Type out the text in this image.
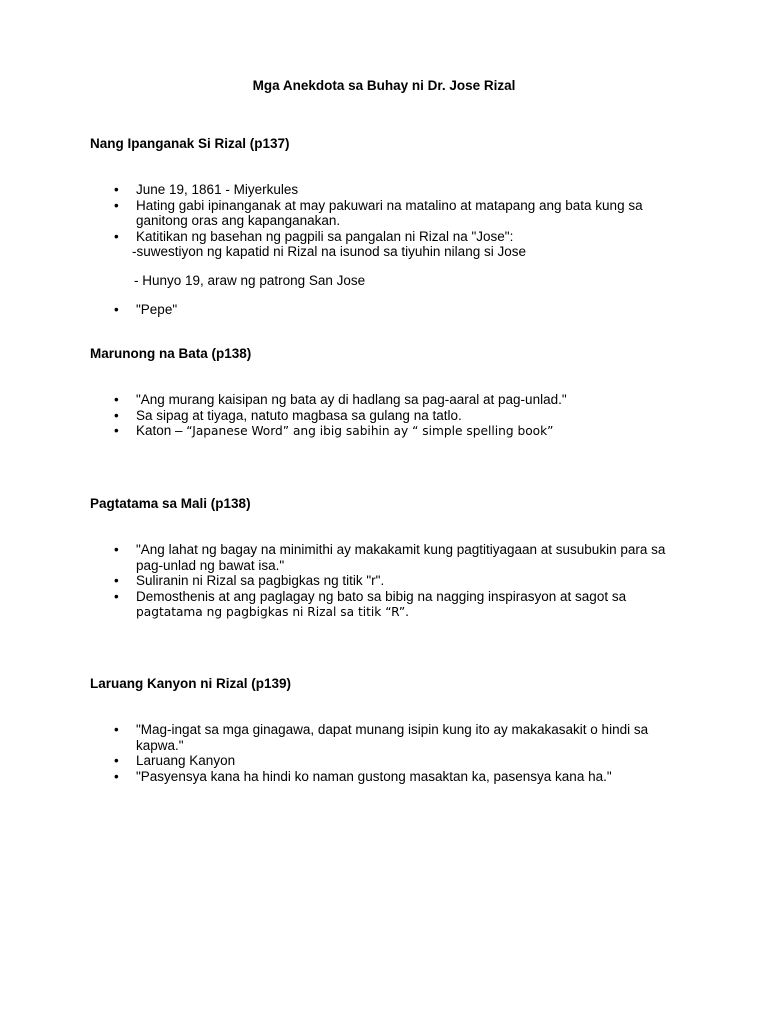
Mga Anekdota sa Buhay ni Dr. Jose Rizal
Nang Ipanganak Si Rizal (p137)
• June 19, 1861 - Miyerkules
• Hating gabi ipinanganak at may pakuwari na matalino at matapang ang bata kung sa ganitong oras ang kapanganakan.
• Katitikan ng basehan ng pagpili sa pangalan ni Rizal na "Jose":

-suwestiyon ng kapatid ni Rizal na isunod sa tiyuhin nilang si Jose

- Hunyo 19, araw ng patrong San Jose

• "Pepe"
Marunong na Bata (p138)
• "Ang murang kaisipan ng bata ay di hadlang sa pag-aaral at pag-unlad."
• Sa sipag at tiyaga, natuto magbasa sa gulang na tatlo.
• Katon – “Japanese Word” ang ibig sabihin ay “ simple spelling book”
Pagtatama sa Mali (p138)
• "Ang lahat ng bagay na minimithi ay makakamit kung pagtitiyagaan at susubukin para sa pag-unlad ng bawat isa."
• Suliranin ni Rizal sa pagbigkas ng titik "r".
• Demosthenis at ang paglagay ng bato sa bibig na nagging inspirasyon at sagot sa
pagtatama ng pagbigkas ni Rizal sa titik “R”.
Laruang Kanyon ni Rizal (p139)
• "Mag-ingat sa mga ginagawa, dapat munang isipin kung ito ay makakasakit o hindi sa kapwa."
• Laruang Kanyon
• "Pasyensya kana ha hindi ko naman gustong masaktan ka, pasensya kana ha."
